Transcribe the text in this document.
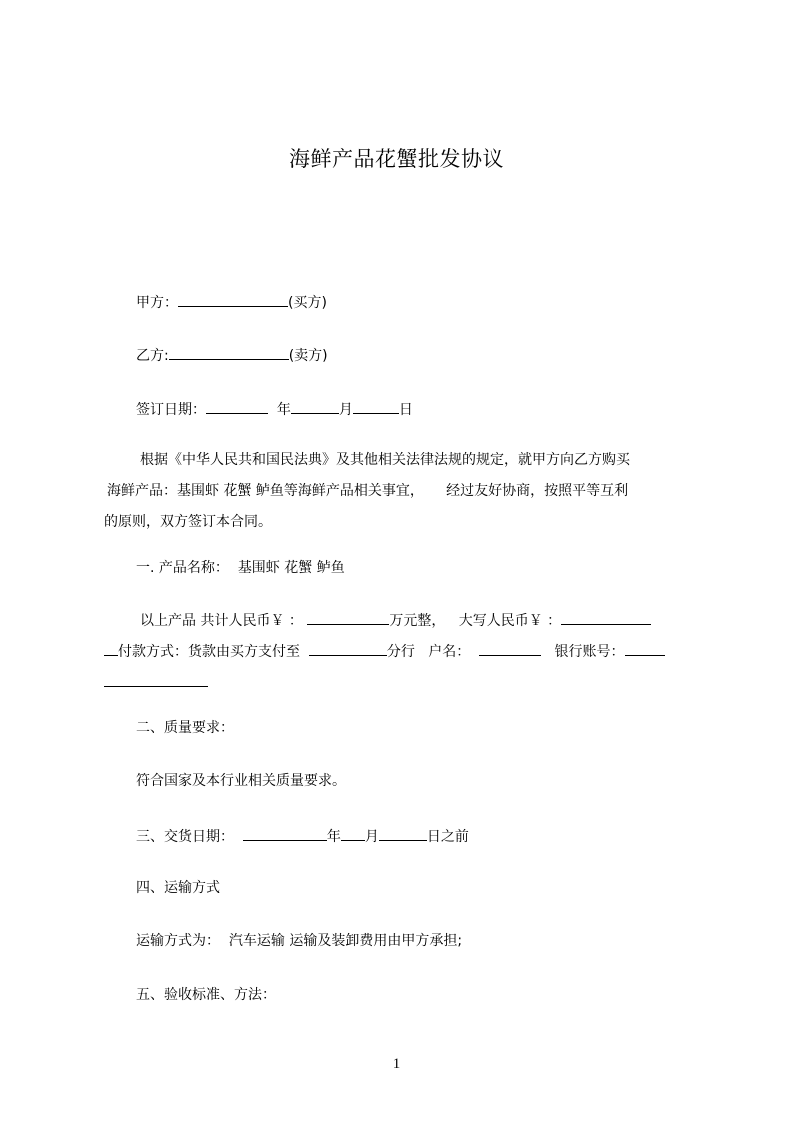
海鲜产品花蟹批发协议
甲方：	(买方)
乙方:	(卖方)
签订日期：	年	月	日
根据《中华人民共和国民法典》及其他相关法律法规的规定，就甲方向乙方购买
海鲜产品：基围虾 花蟹 鲈鱼等海鲜产品相关事宜， 经过友好协商，按照平等互利
的原则，双方签订本合同。
一. 产品名称： 基围虾 花蟹 鲈鱼
以上产品 共计人民币￥ ：	万元整， 大写人民币￥ ：
付款方式：货款由买方支付至	分行 户名：	银行账号：
二、质量要求：
符合国家及本行业相关质量要求。
三、交货日期：	年 月	日之前
四、运输方式
运输方式为： 汽车运输 运输及装卸费用由甲方承担;
五、验收标准、方法：
1
